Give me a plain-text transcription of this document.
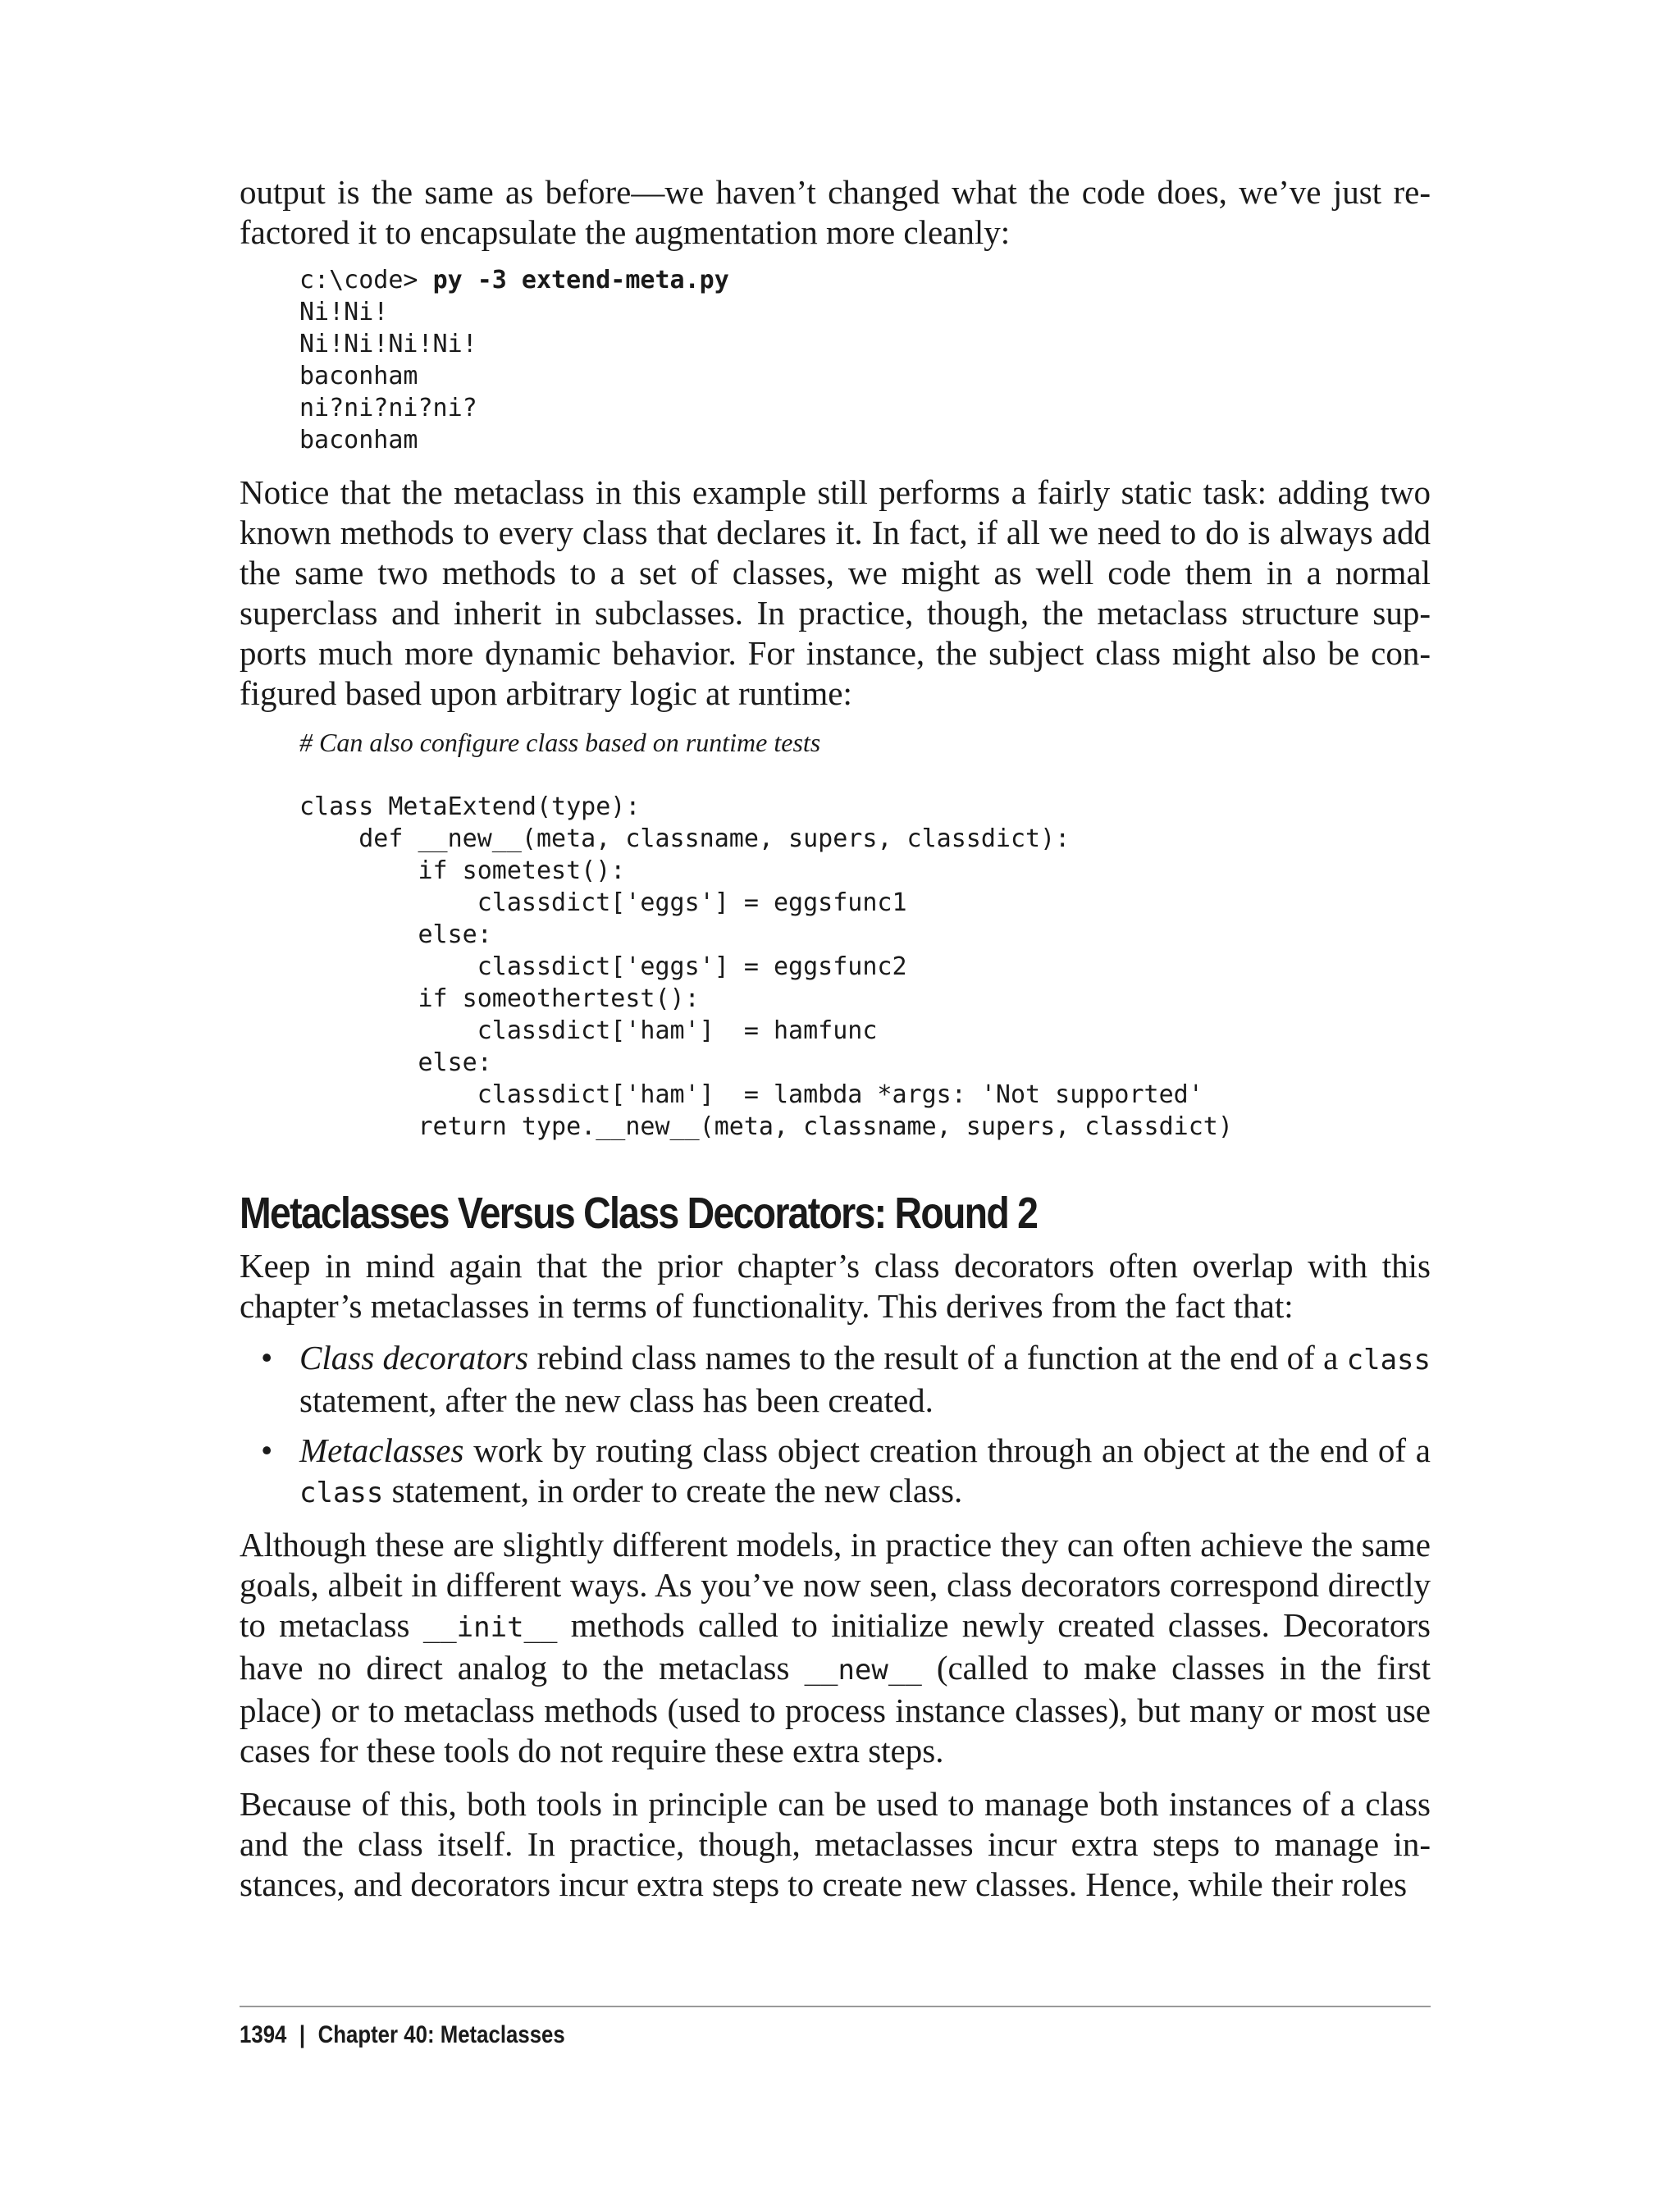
output is the same as before—we haven’t changed what the code does, we’ve just re-factored it to encapsulate the augmentation more cleanly:

c:\code> py -3 extend-meta.py
Ni!Ni!
Ni!Ni!Ni!Ni!
baconham
ni?ni?ni?ni?
baconham

Notice that the metaclass in this example still performs a fairly static task: adding two known methods to every class that declares it. In fact, if all we need to do is always add the same two methods to a set of classes, we might as well code them in a normal superclass and inherit in subclasses. In practice, though, the metaclass structure sup-ports much more dynamic behavior. For instance, the subject class might also be con-figured based upon arbitrary logic at runtime:

# Can also configure class based on runtime tests
class MetaExtend(type):
def __new__(meta, classname, supers, classdict):
if sometest():
classdict['eggs'] = eggsfunc1
else:
classdict['eggs'] = eggsfunc2
if someothertest():
classdict['ham']  = hamfunc
else:
classdict['ham']  = lambda *args: 'Not supported'
return type.__new__(meta, classname, supers, classdict)
Metaclasses Versus Class Decorators: Round 2

Keep in mind again that the prior chapter’s class decorators often overlap with this chapter’s metaclasses in terms of functionality. This derives from the fact that:

• Class decorators rebind class names to the result of a function at the end of a class statement, after the new class has been created.
• Metaclasses work by routing class object creation through an object at the end of a class statement, in order to create the new class.

Although these are slightly different models, in practice they can often achieve the same goals, albeit in different ways. As you’ve now seen, class decorators correspond directly to metaclass __init__ methods called to initialize newly created classes. Decorators have no direct analog to the metaclass __new__ (called to make classes in the first place) or to metaclass methods (used to process instance classes), but many or most use cases for these tools do not require these extra steps.

Because of this, both tools in principle can be used to manage both instances of a class and the class itself. In practice, though, metaclasses incur extra steps to manage in-stances, and decorators incur extra steps to create new classes. Hence, while their roles

1394 | Chapter 40: Metaclasses
